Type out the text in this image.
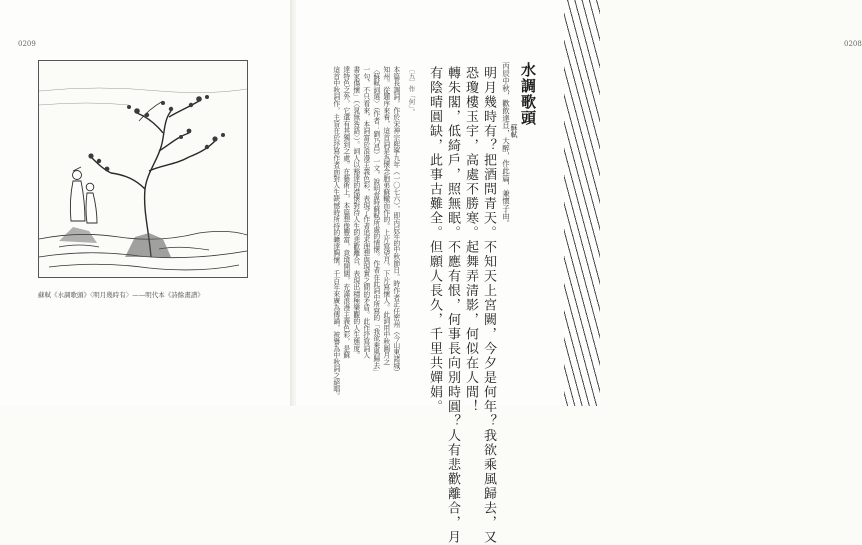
0209
蘇軾《水調歌頭》〈明月幾時有〉——明代本《詩餘畫譜》
0208
水調歌頭
蘇軾
丙辰中秋，歡飲達旦，大醉，作此篇，兼懷子由。
明月幾時有？把酒問青天。不知天上宮闕，今夕是何年？我欲乘風歸去，又
恐瓊樓玉宇，高處不勝寒。起舞弄清影，何似在人間！
轉朱閣，低綺戶，照無眠。不應有恨，何事長向別時圓？人有悲歡離合，月
有陰晴圓缺，此事古難全。但願人長久，千里共嬋娟。
〔五〕作「何」。
本篇長調詞，作於宋神宗熙寧九年（一〇七六），即丙辰年的中秋節日。時作者正任密州（今山東諸城）
知州。從題序來看，這首詞是為懷念胞弟蘇轍而作的。上片寫望月，下片寫懷人。此詞用中秋圓月之
〈蘇軾詞選〉（作者：劉乃昌）一文，說明當時蘇軾所處的情懷。作者在此詞中所寫的「我欲乘風歸去」
一句，不只看來，本詞富於浪漫主義色彩，表現了作者追求理想與現實之間的矛盾。此作抒寫詞人
書家傷懷」（〈晁無咎語〉）。詞人以豁達的襟懷對待人生的悲歡離合，表現出積極樂觀的人生態度。
達特色之外，它還有其獨到之處。在藝術上，本篇想像豐富，意境開闊，充滿浪漫主義色彩，是蘇
這首中秋詞作，主旨在於抒寫作者面對人生缺憾時所持的曠達胸懷，千百年來廣為傳誦，被譽為中秋詞之絕唱。
